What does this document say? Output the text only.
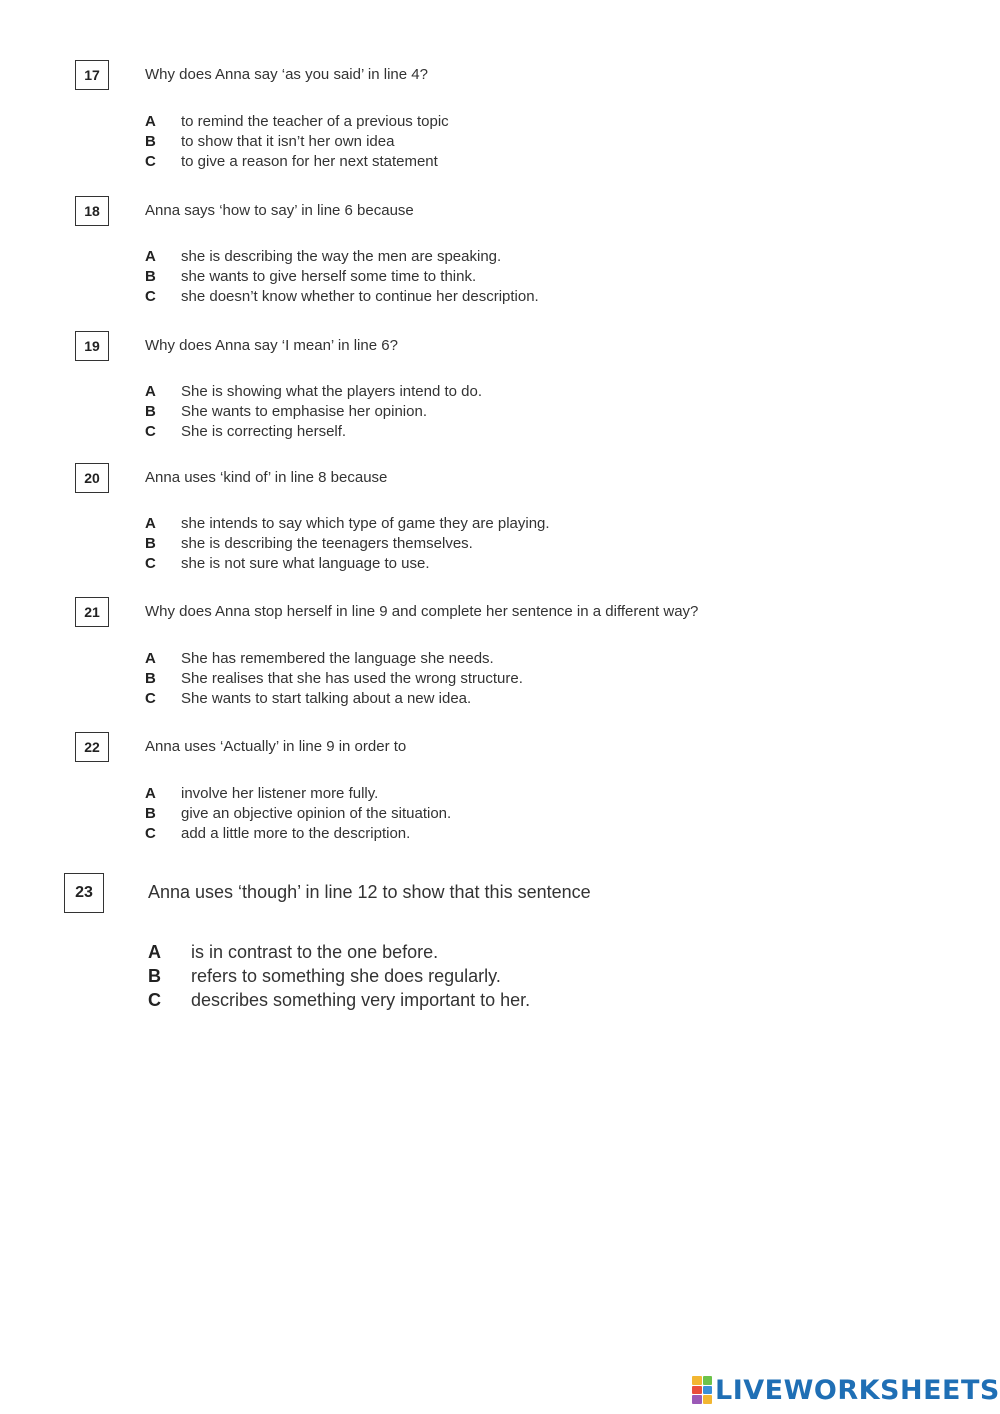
17	Why does Anna say ‘as you said’ in line 4?
A to remind the teacher of a previous topic
B to show that it isn’t her own idea
C to give a reason for her next statement
18	Anna says ‘how to say’ in line 6 because
A she is describing the way the men are speaking.
B she wants to give herself some time to think.
C she doesn’t know whether to continue her description.
19	Why does Anna say ‘I mean’ in line 6?
A She is showing what the players intend to do.
B She wants to emphasise her opinion.
C She is correcting herself.
20	Anna uses ‘kind of’ in line 8 because
A she intends to say which type of game they are playing.
B she is describing the teenagers themselves.
C she is not sure what language to use.
21	Why does Anna stop herself in line 9 and complete her sentence in a different way?
A She has remembered the language she needs.
B She realises that she has used the wrong structure.
C She wants to start talking about a new idea.
22	Anna uses ‘Actually’ in line 9 in order to
A involve her listener more fully.
B give an objective opinion of the situation.
C add a little more to the description.
23	Anna uses ‘though’ in line 12 to show that this sentence
A is in contrast to the one before.
B refers to something she does regularly.
C describes something very important to her.
LIVEWORKSHEETS
